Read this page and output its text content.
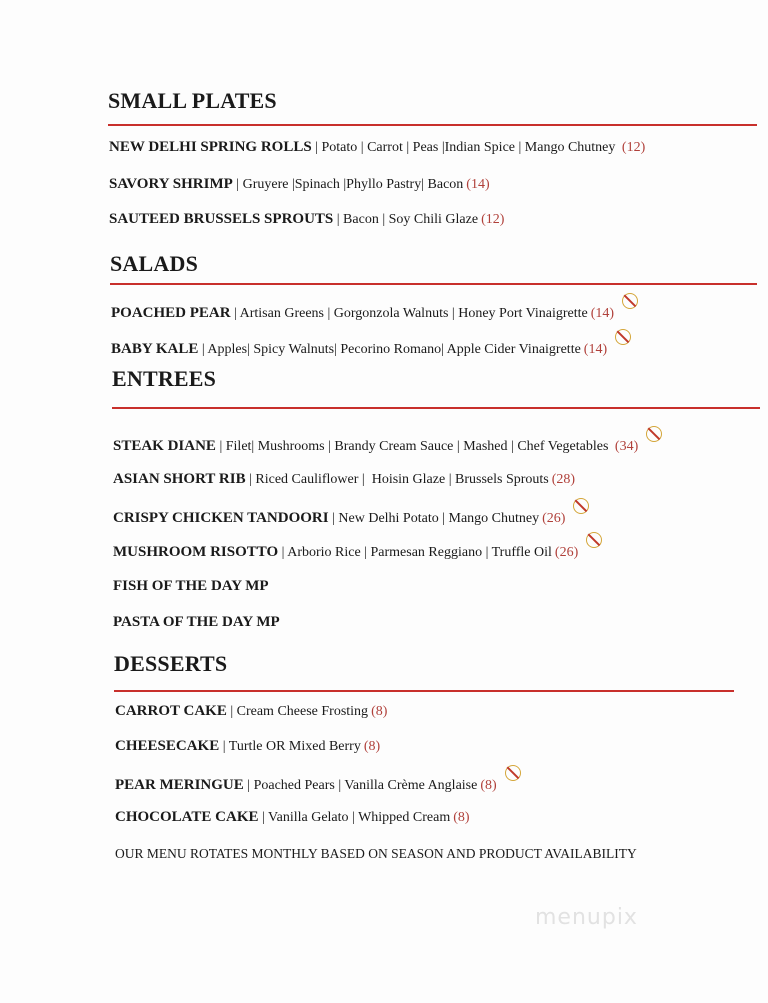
OUR MENU ROTATES MONTHLY BASED ON SEASON AND PRODUCT AVAILABILITY
menupix
SMALL PLATES
NEW DELHI SPRING ROLLS | Potato | Carrot | Peas |Indian Spice | Mango Chutney (12)
SAVORY SHRIMP | Gruyere |Spinach |Phyllo Pastry| Bacon (14)
SAUTEED BRUSSELS SPROUTS | Bacon | Soy Chili Glaze (12)
SALADS
POACHED PEAR | Artisan Greens | Gorgonzola Walnuts | Honey Port Vinaigrette (14)
BABY KALE | Apples| Spicy Walnuts| Pecorino Romano| Apple Cider Vinaigrette (14)
ENTREES
STEAK DIANE | Filet| Mushrooms | Brandy Cream Sauce | Mashed | Chef Vegetables (34)
ASIAN SHORT RIB | Riced Cauliflower |  Hoisin Glaze | Brussels Sprouts (28)
CRISPY CHICKEN TANDOORI | New Delhi Potato | Mango Chutney (26)
MUSHROOM RISOTTO | Arborio Rice | Parmesan Reggiano | Truffle Oil (26)
FISH OF THE DAY MP
PASTA OF THE DAY MP
DESSERTS
CARROT CAKE | Cream Cheese Frosting (8)
CHEESECAKE | Turtle OR Mixed Berry (8)
PEAR MERINGUE | Poached Pears | Vanilla Crème Anglaise (8)
CHOCOLATE CAKE | Vanilla Gelato | Whipped Cream (8)
